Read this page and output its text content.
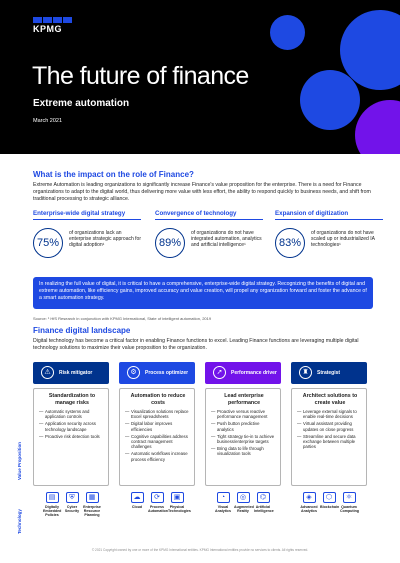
KPMG
The future of finance
Extreme automation
March 2021
What is the impact on the role of Finance?
Extreme Automation is leading organizations to significantly increase Finance's value proposition for the enterprise. There is a need for Finance organizations to adapt to the digital world, thus delivering more value with less effort, the ability to respond quickly to business needs, and shift from traditional processing to strategic alliance.
Enterprise-wide digital strategy
75%
of organizations lack an enterprise strategic approach for digital adoption¹
Convergence of technology
89%
of organizations do not have integrated automation, analytics and artificial intelligence¹
Expansion of digitization
83%
of organizations do not have scaled up or industrialized IA technologies¹
In realizing the full value of digital, it is critical to have a comprehensive, enterprise-wide digital strategy. Recognizing the benefits of digital and extreme automation, like efficiency gains, improved accuracy and value creation, will propel any organization forward and foster the advance of a smart automation strategy.
Source: ¹ HfS Research in conjunction with KPMG International, State of intelligent automation, 2019
Finance digital landscape
Digital technology has become a critical factor in enabling Finance functions to excel. Leading Finance functions are leveraging multiple digital technology solutions to maximize their value proposition to the organization.
Value Proposition
Technology
⚠	Risk mitigator
Standardization to manage risks
— Automatic systems and application controls
— Application security across technology landscape
— Proactive risk detection tools
▤
Digitally Embedded Policies
⛨
Cyber Security
▦
Enterprise Resource Planning
⚙	Process optimizer
Automation to reduce costs
— Visualization solutions replace Excel spreadsheets
— Digital labor improves efficiencies
— Cognitive capabilities address contract management challenges
— Automatic workflows increase process efficiency
☁
Cloud
⟳
Process Automation
▣
Physical Technologies
➚	Performance driver
Lead enterprise performance
— Proactive versus reactive performance management
— Push button predictive analytics
— Tight strategy tie-in to achieve business/enterprise targets
— Bring data to life through visualization tools
◔
Visual Analytics
◎
Augmented Reality
⌬
Artificial Intelligence
♜	Strategist
Architect solutions to create value
— Leverage external signals to enable real-time decisions
— Virtual assistant providing updates on close progress
— Streamline and secure data exchange between multiple parties
◈
Advanced Analytics
⬡
Blockchain
⚛
Quantum Computing
© 2021 Copyright owned by one or more of the KPMG International entities. KPMG International entities provide no services to clients. All rights reserved.
